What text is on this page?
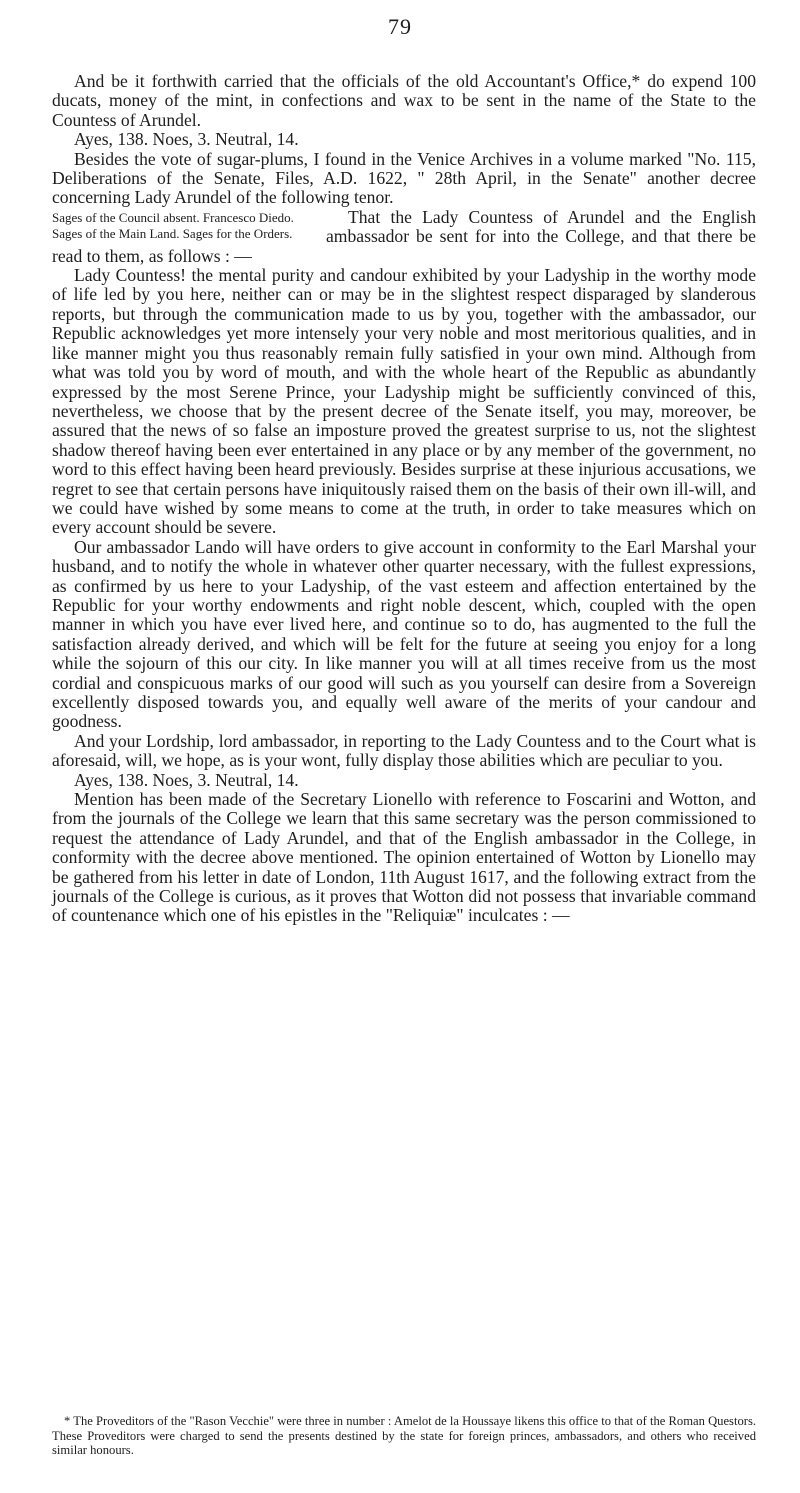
79

And be it forthwith carried that the officials of the old Accountant's Office,* do expend 100 ducats, money of the mint, in confections and wax to be sent in the name of the State to the Countess of Arundel.

Ayes, 138. Noes, 3. Neutral, 14.

Besides the vote of sugar-plums, I found in the Venice Archives in a volume marked "No. 115, Deliberations of the Senate, Files, A.D. 1622, " 28th April, in the Senate" another decree concerning Lady Arundel of the following tenor.

Sages of the Council absent. Francesco Diedo. Sages of the Main Land. Sages for the Orders.

That the Lady Countess of Arundel and the English ambassador be sent for into the College, and that there be read to them, as follows : —

Lady Countess! the mental purity and candour exhibited by your Ladyship in the worthy mode of life led by you here, neither can or may be in the slightest respect disparaged by slanderous reports, but through the communication made to us by you, together with the ambassador, our Republic acknowledges yet more intensely your very noble and most meritorious qualities, and in like manner might you thus reasonably remain fully satisfied in your own mind. Although from what was told you by word of mouth, and with the whole heart of the Republic as abundantly expressed by the most Serene Prince, your Ladyship might be sufficiently convinced of this, nevertheless, we choose that by the present decree of the Senate itself, you may, moreover, be assured that the news of so false an imposture proved the greatest surprise to us, not the slightest shadow thereof having been ever entertained in any place or by any member of the government, no word to this effect having been heard previously. Besides surprise at these injurious accusations, we regret to see that certain persons have iniquitously raised them on the basis of their own ill-will, and we could have wished by some means to come at the truth, in order to take measures which on every account should be severe.

Our ambassador Lando will have orders to give account in conformity to the Earl Marshal your husband, and to notify the whole in whatever other quarter necessary, with the fullest expressions, as confirmed by us here to your Ladyship, of the vast esteem and affection entertained by the Republic for your worthy endowments and right noble descent, which, coupled with the open manner in which you have ever lived here, and continue so to do, has augmented to the full the satisfaction already derived, and which will be felt for the future at seeing you enjoy for a long while the sojourn of this our city. In like manner you will at all times receive from us the most cordial and conspicuous marks of our good will such as you yourself can desire from a Sovereign excellently disposed towards you, and equally well aware of the merits of your candour and goodness.

And your Lordship, lord ambassador, in reporting to the Lady Countess and to the Court what is aforesaid, will, we hope, as is your wont, fully display those abilities which are peculiar to you.

Ayes, 138. Noes, 3. Neutral, 14.

Mention has been made of the Secretary Lionello with reference to Foscarini and Wotton, and from the journals of the College we learn that this same secretary was the person commissioned to request the attendance of Lady Arundel, and that of the English ambassador in the College, in conformity with the decree above mentioned. The opinion entertained of Wotton by Lionello may be gathered from his letter in date of London, 11th August 1617, and the following extract from the journals of the College is curious, as it proves that Wotton did not possess that invariable command of countenance which one of his epistles in the "Reliquiæ" inculcates : —

* The Proveditors of the "Rason Vecchie" were three in number : Amelot de la Houssaye likens this office to that of the Roman Questors. These Proveditors were charged to send the presents destined by the state for foreign princes, ambassadors, and others who received similar honours.
